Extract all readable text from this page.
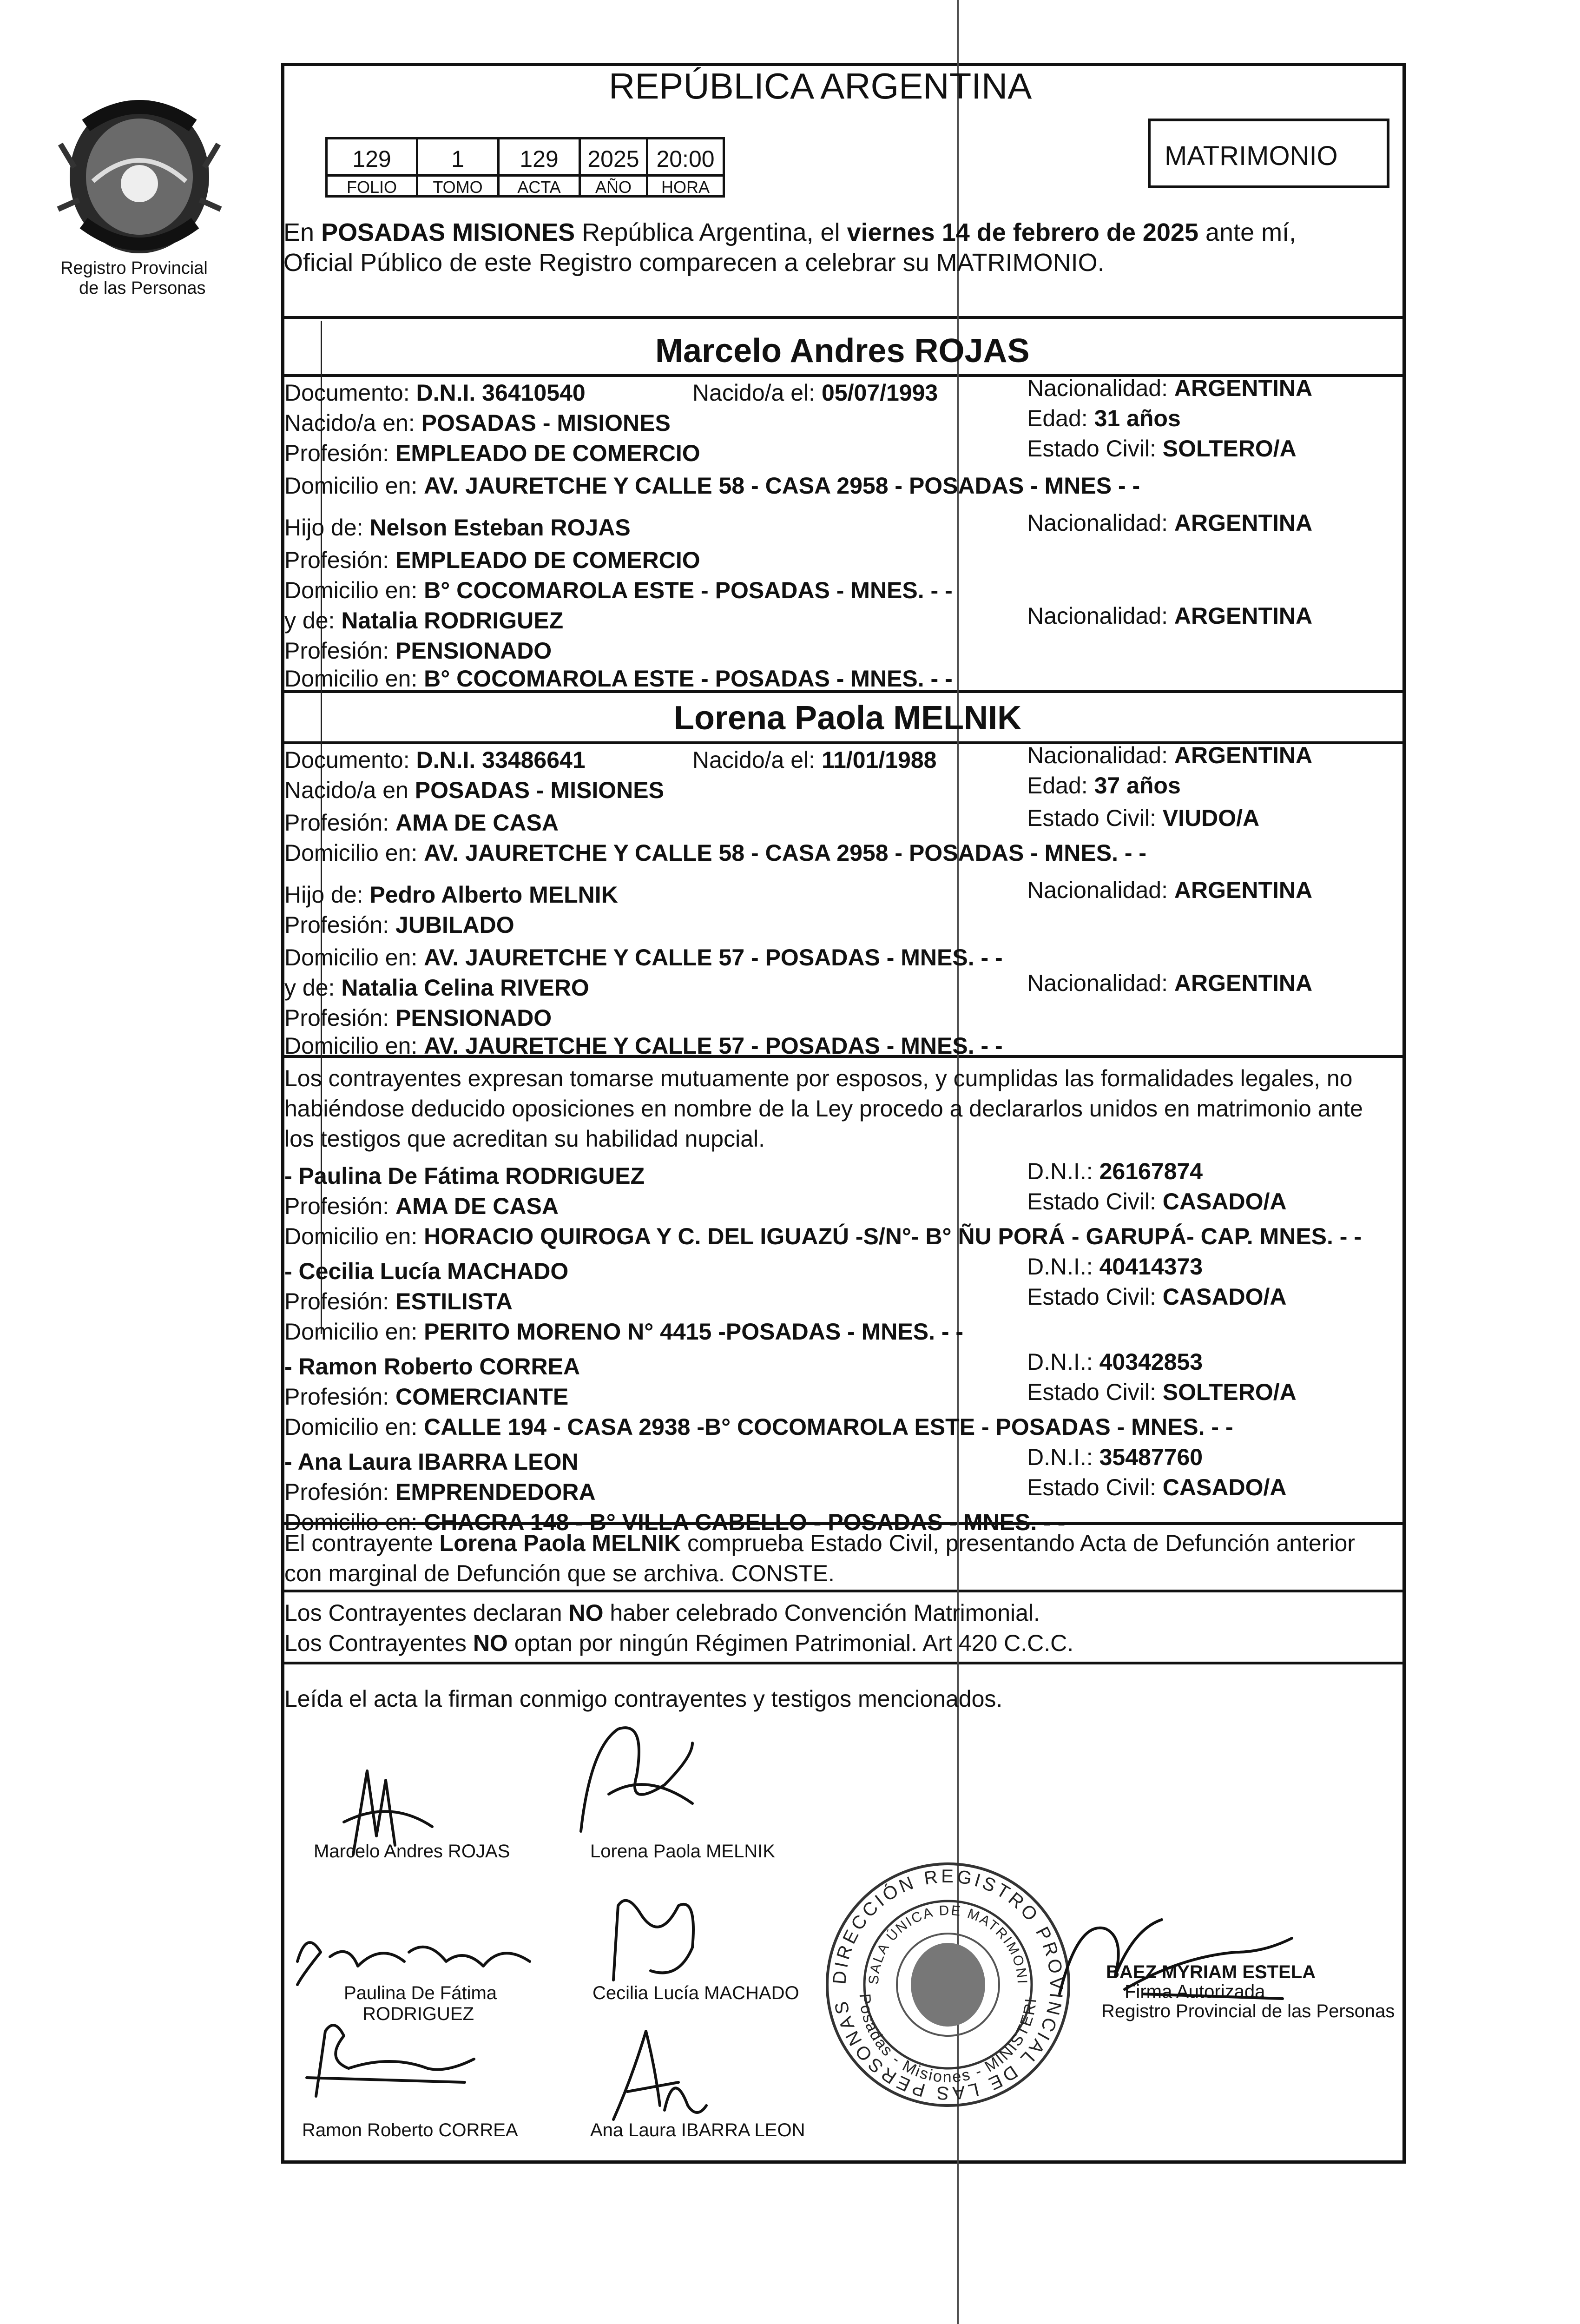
Registro Provincial
de las Personas
REPÚBLICA ARGENTINA
129	1	129	2025 20:00
FOLIO	TOMO	ACTA	AÑO	HORA
MATRIMONIO
En POSADAS MISIONES República Argentina, el viernes 14 de febrero de 2025 ante mí,
Oficial Público de este Registro comparecen a celebrar su MATRIMONIO.
Marcelo Andres ROJAS
Documento: D.N.I. 36410540	Nacido/a el: 05/07/1993	Nacionalidad: ARGENTINA
Nacido/a en: POSADAS - MISIONES	Edad: 31 años
Profesión: EMPLEADO DE COMERCIO	Estado Civil: SOLTERO/A
Domicilio en: AV. JAURETCHE Y CALLE 58 - CASA 2958 - POSADAS - MNES - -
Hijo de: Nelson Esteban ROJAS	Nacionalidad: ARGENTINA
Profesión: EMPLEADO DE COMERCIO
Domicilio en: B° COCOMAROLA ESTE - POSADAS - MNES. - -
y de: Natalia RODRIGUEZ	Nacionalidad: ARGENTINA
Profesión: PENSIONADO
Domicilio en: B° COCOMAROLA ESTE - POSADAS - MNES. - -
Lorena Paola MELNIK
Documento: D.N.I. 33486641	Nacido/a el: 11/01/1988	Nacionalidad: ARGENTINA
Nacido/a en POSADAS - MISIONES	Edad: 37 años
Profesión: AMA DE CASA	Estado Civil: VIUDO/A
Domicilio en: AV. JAURETCHE Y CALLE 58 - CASA 2958 - POSADAS - MNES. - -
Hijo de: Pedro Alberto MELNIK	Nacionalidad: ARGENTINA
Profesión: JUBILADO
Domicilio en: AV. JAURETCHE Y CALLE 57 - POSADAS - MNES. - -
y de: Natalia Celina RIVERO	Nacionalidad: ARGENTINA
Profesión: PENSIONADO
Domicilio en: AV. JAURETCHE Y CALLE 57 - POSADAS - MNES. - -
Los contrayentes expresan tomarse mutuamente por esposos, y cumplidas las formalidades legales, no
habiéndose deducido oposiciones en nombre de la Ley procedo a declararlos unidos en matrimonio ante
los testigos que acreditan su habilidad nupcial.
- Paulina De Fátima RODRIGUEZ	D.N.I.: 26167874
Profesión: AMA DE CASA	Estado Civil: CASADO/A
Domicilio en: HORACIO QUIROGA Y C. DEL IGUAZÚ -S/N°- B° ÑU PORÁ - GARUPÁ- CAP. MNES. - -
- Cecilia Lucía MACHADO	D.N.I.: 40414373
Profesión: ESTILISTA	Estado Civil: CASADO/A
Domicilio en: PERITO MORENO N° 4415 -POSADAS - MNES. - -
- Ramon Roberto CORREA	D.N.I.: 40342853
Profesión: COMERCIANTE	Estado Civil: SOLTERO/A
Domicilio en: CALLE 194 - CASA 2938 -B° COCOMAROLA ESTE - POSADAS - MNES. - -
- Ana Laura IBARRA LEON	D.N.I.: 35487760
Profesión: EMPRENDEDORA	Estado Civil: CASADO/A
Domicilio en: CHACRA 148 - B° VILLA CABELLO - POSADAS - MNES. - -
El contrayente Lorena Paola MELNIK comprueba Estado Civil, presentando Acta de Defunción anterior
con marginal de Defunción que se archiva. CONSTE.
Los Contrayentes declaran NO haber celebrado Convención Matrimonial.
Los Contrayentes NO optan por ningún Régimen Patrimonial. Art 420 C.C.C.
Leída el acta la firman conmigo contrayentes y testigos mencionados.
Marcelo Andres ROJAS	Lorena Paola MELNIK
Paulina De Fátima
RODRIGUEZ
Cecilia Lucía MACHADO
Ramon Roberto CORREA	Ana Laura IBARRA LEON
DIRECCIÓN REGISTRO PROVINCIAL DE LAS PERSONAS
SALA ÚNICA DE MATRIMONI
Posadas - Misiones - MINISTERI
BAEZ MYRIAM ESTELA
Firma Autorizada
Registro Provincial de las Personas
